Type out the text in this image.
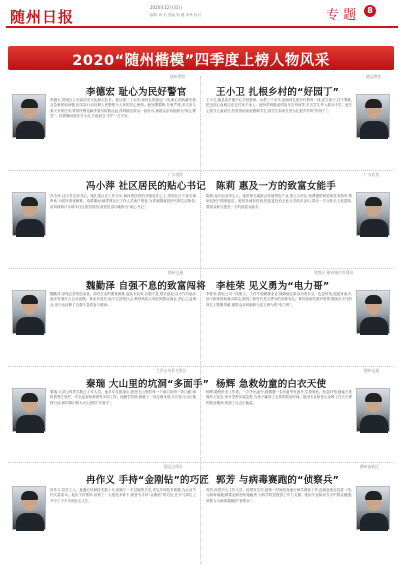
随州日报
2020年12月31日
编辑 黄 亮 美编 周 璐 审核 校对	专 题	8
2020“随州楷模”四季度上榜人物风采
随州警察
李德宏 耻心为民好警官
李德宏,曾城区公安局治安大队副大队长。他从警二十余年,始终扎根基层一线,耐心细致解决群众急难愁盼问题,用实际行动诠释人民警察为人民的初心使命。他处警果断,办案严谨,多次参与重大安保任务,带领民警化解矛盾纠纷数百起,得到辖区群众一致好评,被群众亲切地称为“贴心警官”。疫情期间他坚守卡点,日夜值守,守护一方平安。
随县教育
王小卫 扎根乡村的“好园丁”
王小卫,随县某乡镇中心学校教师。从教三十余年,他始终扎根乡村教育一线,爱生如子,甘于奉献,把全部心血倾注在农村孩子身上。他所带班级成绩连年名列前茅,多名学生考入重点中学。他关心留守儿童成长,经常资助家庭困难学生,被学生和家长誉为扎根乡村的“好园丁”。
冯小萍 社区居民的贴心书记
广水消防
冯小萍,社区党支部书记。她扎根社区工作多年,始终把居民的冷暖放在心上,带领社区干部走街串巷,为居民排忧解难。疫情期间,她带领社区工作人员逐户排查,为居家隔离居民代购生活物资,用真情和汗水筑牢社区防控防线,被居民亲切地称为“贴心书记”。
广水医务
陈莉 惠及一方的致富女能手
陈莉,返乡创业带头人。她带领当地群众发展特色产业,建立合作社,免费提供种苗和技术指导,帮助贫困户增收脱贫。她坚持诚信经营,把致富经验无私分享给乡亲们,带动一方百姓走上致富路,被群众称为惠及一方的致富女能手。
随州交通
魏勤泽 自强不息的致富闯将
魏勤泽,身残志坚的创业者。面对生活的重重困难,他从未放弃,自强不息,艰苦创业,从小作坊起步逐步发展壮大企业规模。事业有成后,他不忘回报社会,吸纳残疾人和贫困群众就业,热心公益事业,用行动诠释了自强不息的奋斗精神。
曾都区·随州城市管理局
李桂荣 见义勇为“电力哥”
李桂荣,供电公司一线职工。工作中他兢兢业业,保障辖区群众用电安全。危急时刻,他挺身而出,奋不顾身救助落水群众,展现了新时代见义勇为的英雄本色。事后他淡然面对荣誉,继续在平凡的岗位上默默奉献,被群众亲切地称为见义勇为的“电力哥”。
大洪山风景名胜区
秦瑞 大山里的坑洞“多面手”
秦瑞,大洪山风景名胜区工作人员。他多年扎根深山,熟悉大山里的每一个洞穴和每一条山路,承担着景区管护、安全巡查和救援等多项工作。他勤学苦练,练就了一身过硬本领,多次参与山区搜救行动,被同事们称为大山里的“多面手”。
随州交通
杨辉 急救幼童的白衣天使
杨辉,随州医务工作者。一次外出途中,她偶遇一名幼童突发意外,生命垂危。危急时刻,她毫不犹豫冲上前去,争分夺秒实施急救,为孩子赢得了宝贵的救治时间。她用专业和爱心诠释了白衣天使的职业精神,传递了社会正能量。
随县文明办
冉作义 手持“金刚钻”的巧匠
冉作义,技术工人。他潜心钻研技术数十年,练就了一手过硬的手艺,攻克多项技术难题,为企业节约大量成本。他乐于传帮带,培养了一大批技术骨干,被誉为手持“金刚钻”的巧匠,在平凡岗位上书写了不平凡的匠心人生。
随州高新区
郭芳 与病毒赛跑的“侦察兵”
郭芳,疾控中心工作人员。疫情发生后,她第一时间投身流行病学调查工作,连续奋战在抗疫一线,与病毒赛跑,精准追踪密切接触者,为科学防控提供了有力支撑。她用专业和担当守护群众健康,被称为与病毒赛跑的“侦察兵”。
